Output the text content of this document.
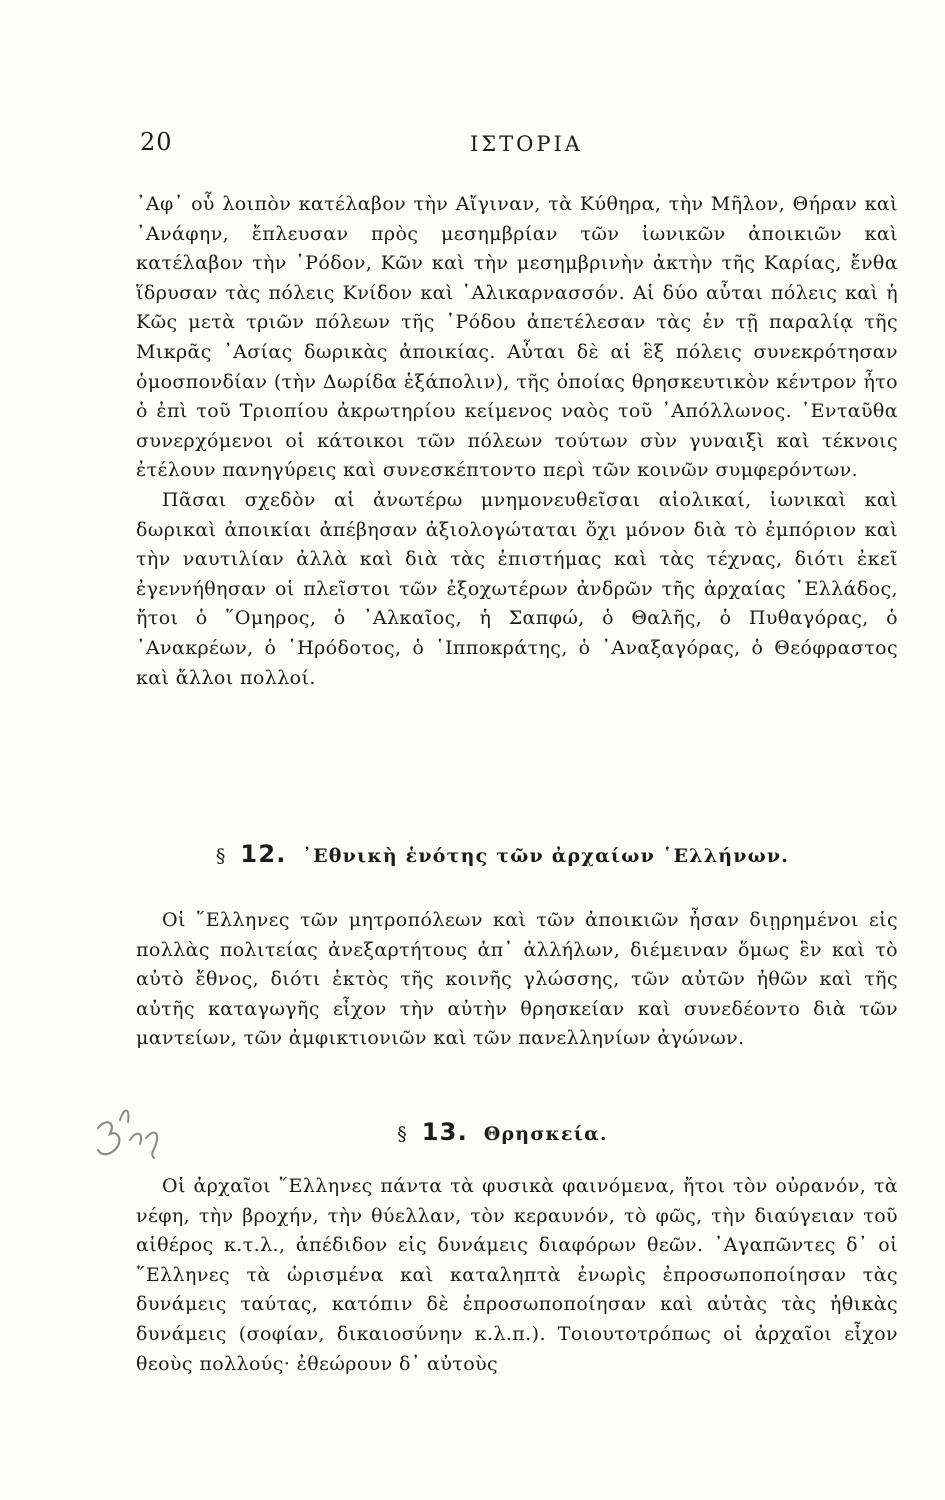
20	ΙΣΤΟΡΙΑ

᾽Αφ᾽ οὗ λοιπὸν κατέλαβον τὴν Αἴγιναν, τὰ Κύθηρα, τὴν Μῆλον, Θήραν καὶ ᾽Ανάφην, ἔπλευσαν πρὸς μεσημβρίαν τῶν ἰωνικῶν ἀποικιῶν καὶ κατέλαβον τὴν ῾Ρόδον, Κῶν καὶ τὴν μεσημβρινὴν ἀκτὴν τῆς Καρίας, ἔνθα ἵδρυσαν τὰς πόλεις Κνίδον καὶ ῾Αλικαρνασσόν. Αἱ δύο αὗται πόλεις καὶ ἡ Κῶς μετὰ τριῶν πόλεων τῆς ῾Ρόδου ἀπετέλεσαν τὰς ἐν τῇ παραλίᾳ τῆς Μικρᾶς ᾽Ασίας δωρικὰς ἀποικίας. Αὗται δὲ αἱ ἓξ πόλεις συνεκρότησαν ὁμοσπονδίαν (τὴν Δωρίδα ἑξάπολιν), τῆς ὁποίας θρησκευτικὸν κέντρον ἦτο ὁ ἐπὶ τοῦ Τριοπίου ἀκρωτηρίου κείμενος ναὸς τοῦ ᾽Απόλλωνος. ᾽Ενταῦθα συνερχόμενοι οἱ κάτοικοι τῶν πόλεων τούτων σὺν γυναιξὶ καὶ τέκνοις ἐτέλουν πανηγύρεις καὶ συνεσκέπτοντο περὶ τῶν κοινῶν συμφερόντων.

Πᾶσαι σχεδὸν αἱ ἀνωτέρω μνημονευθεῖσαι αἰολικαί, ἰωνικαὶ καὶ δωρικαὶ ἀποικίαι ἀπέβησαν ἀξιολογώταται ὄχι μόνον διὰ τὸ ἐμπόριον καὶ τὴν ναυτιλίαν ἀλλὰ καὶ διὰ τὰς ἐπιστήμας καὶ τὰς τέχνας, διότι ἐκεῖ ἐγεννήθησαν οἱ πλεῖστοι τῶν ἐξοχωτέρων ἀνδρῶν τῆς ἀρχαίας ῾Ελλάδος, ἤτοι ὁ ῞Ομηρος, ὁ ᾽Αλκαῖος, ἡ Σαπφώ, ὁ Θαλῆς, ὁ Πυθαγόρας, ὁ ᾽Ανακρέων, ὁ ῾Ηρόδοτος, ὁ ῾Ιπποκράτης, ὁ ᾽Αναξαγόρας, ὁ Θεόφραστος καὶ ἄλλοι πολλοί.

§ 12. ᾽Εθνικὴ ἑνότης τῶν ἀρχαίων ῾Ελλήνων.

Οἱ ῞Ελληνες τῶν μητροπόλεων καὶ τῶν ἀποικιῶν ἦσαν διῃρημένοι εἰς πολλὰς πολιτείας ἀνεξαρτήτους ἀπ᾽ ἀλλήλων, διέμειναν ὅμως ἓν καὶ τὸ αὐτὸ ἔθνος, διότι ἐκτὸς τῆς κοινῆς γλώσσης, τῶν αὐτῶν ἠθῶν καὶ τῆς αὐτῆς καταγωγῆς εἶχον τὴν αὐτὴν θρησκείαν καὶ συνεδέοντο διὰ τῶν μαντείων, τῶν ἀμφικτιονιῶν καὶ τῶν πανελληνίων ἀγώνων.

§ 13. Θρησκεία.

Οἱ ἀρχαῖοι ῞Ελληνες πάντα τὰ φυσικὰ φαινόμενα, ἤτοι τὸν οὐρανόν, τὰ νέφη, τὴν βροχήν, τὴν θύελλαν, τὸν κεραυνόν, τὸ φῶς, τὴν διαύγειαν τοῦ αἰθέρος κ.τ.λ., ἀπέδιδον εἰς δυνάμεις διαφόρων θεῶν. ᾽Αγαπῶντες δ᾽ οἱ ῞Ελληνες τὰ ὡρισμένα καὶ καταληπτὰ ἐνωρὶς ἐπροσωποποίησαν τὰς δυνάμεις ταύτας, κατόπιν δὲ ἐπροσωποποίησαν καὶ αὐτὰς τὰς ἠθικὰς δυνάμεις (σοφίαν, δικαιοσύνην κ.λ.π.). Τοιουτοτρόπως οἱ ἀρχαῖοι εἶχον θεοὺς πολλούς· ἐθεώρουν δ᾽ αὐτοὺς
